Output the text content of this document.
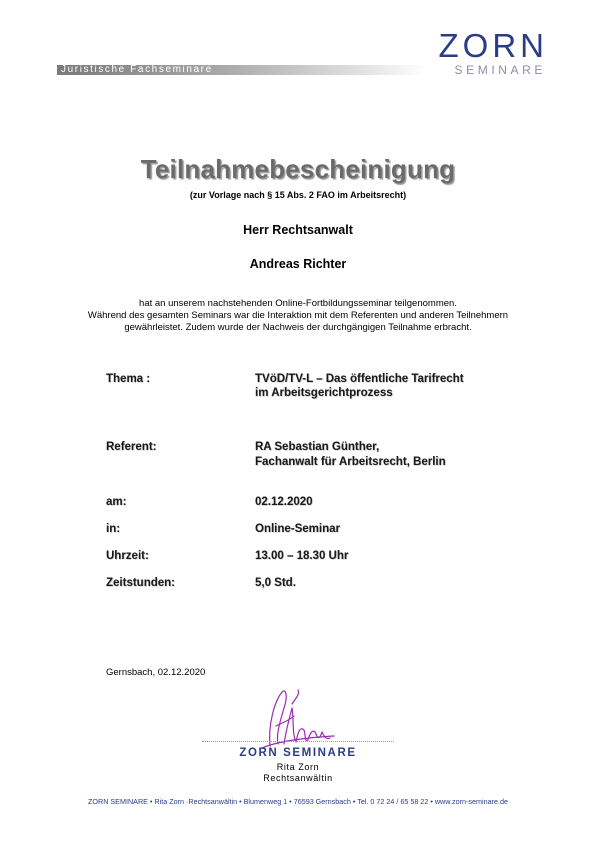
Juristische Fachseminare
ZORN
SEMINARE
Teilnahmebescheinigung
(zur Vorlage nach § 15 Abs. 2 FAO im Arbeitsrecht)
Herr Rechtsanwalt
Andreas Richter
hat an unserem nachstehenden Online-Fortbildungsseminar teilgenommen.
Während des gesamten Seminars war die Interaktion mit dem Referenten und anderen Teilnehmern
gewährleistet. Zudem wurde der Nachweis der durchgängigen Teilnahme erbracht.
Thema :	TVöD/TV-L – Das öffentliche Tarifrecht
im Arbeitsgerichtprozess
Referent:	RA Sebastian Günther,
Fachanwalt für Arbeitsrecht, Berlin
am:	02.12.2020
in:	Online-Seminar
Uhrzeit:	13.00 – 18.30 Uhr
Zeitstunden:	5,0 Std.
Gernsbach, 02.12.2020
ZORN SEMINARE
Rita Zorn
Rechtsanwältin
ZORN SEMINARE • Rita Zorn ·Rechtsanwältin • Blumenweg 1 • 76593 Gernsbach • Tel. 0 72 24 / 65 58 22 • www.zorn-seminare.de
